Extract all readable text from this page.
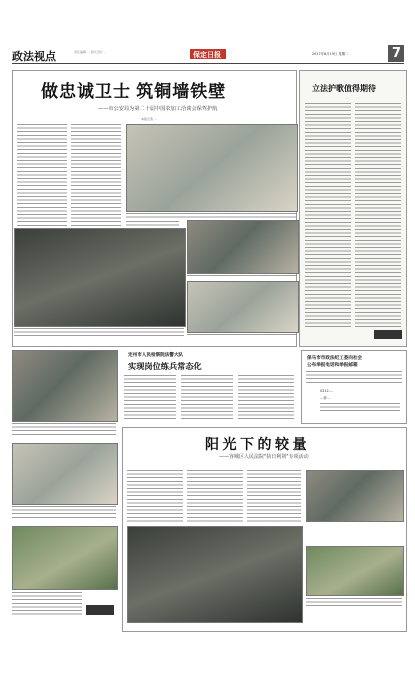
政法视点	责任编辑 … 版式设计 …	保定日报	2017年8月19日 星期二	7
做忠诚卫士 筑铜墙铁壁
——市公安局为第二十届中国农加工洽谈会保驾护航
本报记者 …
立法护歌值得期待
…
定州市人民检察院法警大队
实现岗位练兵常态化
保马市市政法纪工委向社会
公布举报电话和举报邮箱
0312-…
…@…
阳 光 下 的 较 量
——容城区人民法院"执日利剑"专项活动
